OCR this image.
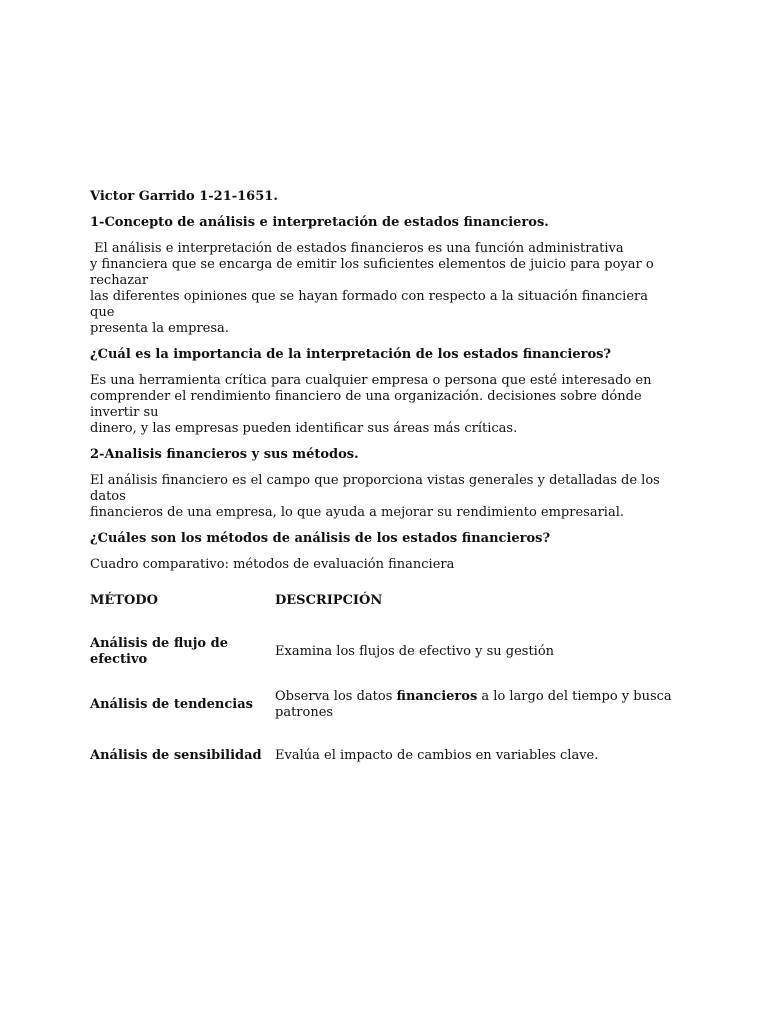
Victor Garrido 1-21-1651.

1-Concepto de análisis e interpretación de estados financieros.

El análisis e interpretación de estados financieros es una función administrativa
y financiera que se encarga de emitir los suficientes elementos de juicio para poyar o rechazar
las diferentes opiniones que se hayan formado con respecto a la situación financiera que
presenta la empresa.

¿Cuál es la importancia de la interpretación de los estados financieros?

Es una herramienta crítica para cualquier empresa o persona que esté interesado en
comprender el rendimiento financiero de una organización. decisiones sobre dónde invertir su
dinero, y las empresas pueden identificar sus áreas más críticas.

2-Analisis financieros y sus métodos.

El análisis financiero es el campo que proporciona vistas generales y detalladas de los datos
financieros de una empresa, lo que ayuda a mejorar su rendimiento empresarial.

¿Cuáles son los métodos de análisis de los estados financieros?

Cuadro comparativo: métodos de evaluación financiera

MÉTODO	DESCRIPCIÓN
Análisis de flujo de efectivo	Examina los flujos de efectivo y su gestión
Análisis de tendencias	Observa los datos financieros a lo largo del tiempo y busca patrones
Análisis de sensibilidad	Evalúa el impacto de cambios en variables clave.
